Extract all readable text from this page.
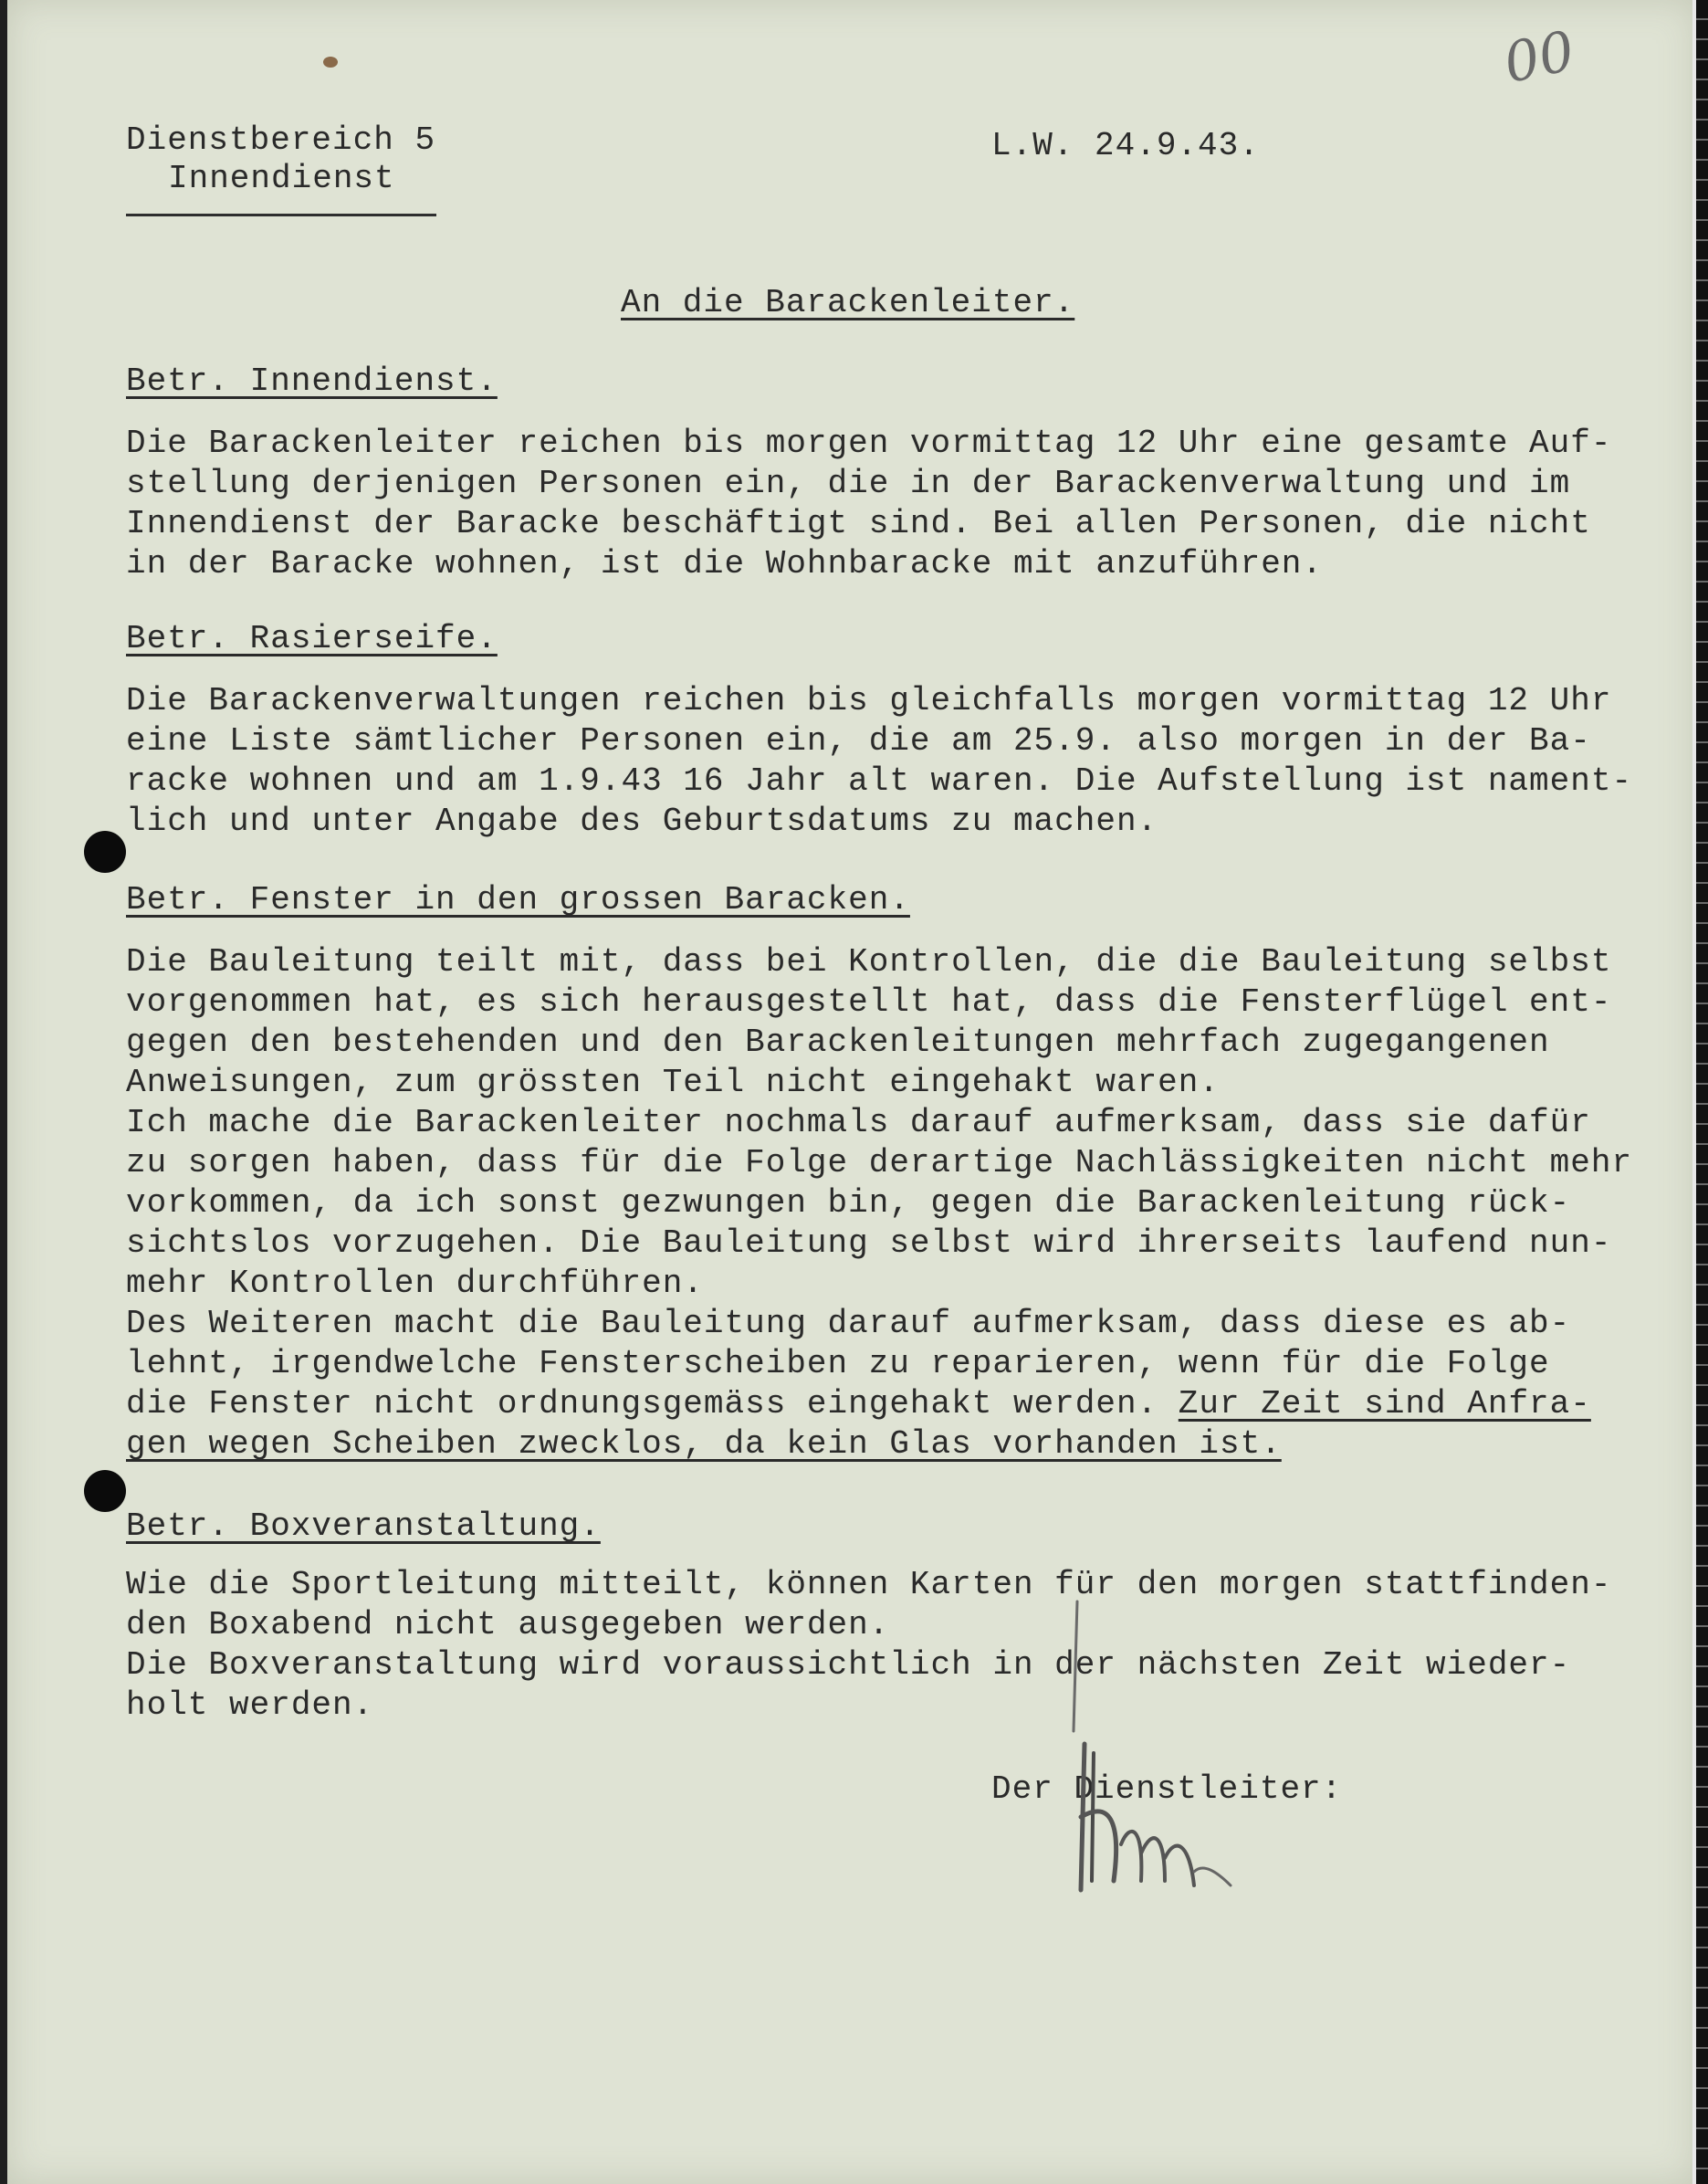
00
Dienstbereich 5
Innendienst
L.W. 24.9.43.
An die Barackenleiter.
Betr. Innendienst.
Die Barackenleiter reichen bis morgen vormittag 12 Uhr eine gesamte Auf-
stellung derjenigen Personen ein, die in der Barackenverwaltung und im
Innendienst der Baracke beschäftigt sind. Bei allen Personen, die nicht
in der Baracke wohnen, ist die Wohnbaracke mit anzuführen.
Betr. Rasierseife.
Die Barackenverwaltungen reichen bis gleichfalls morgen vormittag 12 Uhr
eine Liste sämtlicher Personen ein, die am 25.9. also morgen in der Ba-
racke wohnen und am 1.9.43 16 Jahr alt waren. Die Aufstellung ist nament-
lich und unter Angabe des Geburtsdatums zu machen.
Betr. Fenster in den grossen Baracken.
Die Bauleitung teilt mit, dass bei Kontrollen, die die Bauleitung selbst
vorgenommen hat, es sich herausgestellt hat, dass die Fensterflügel ent-
gegen den bestehenden und den Barackenleitungen mehrfach zugegangenen
Anweisungen, zum grössten Teil nicht eingehakt waren.
Ich mache die Barackenleiter nochmals darauf aufmerksam, dass sie dafür
zu sorgen haben, dass für die Folge derartige Nachlässigkeiten nicht mehr
vorkommen, da ich sonst gezwungen bin, gegen die Barackenleitung rück-
sichtslos vorzugehen. Die Bauleitung selbst wird ihrerseits laufend nun-
mehr Kontrollen durchführen.
Des Weiteren macht die Bauleitung darauf aufmerksam, dass diese es ab-
lehnt, irgendwelche Fensterscheiben zu reparieren, wenn für die Folge
die Fenster nicht ordnungsgemäss eingehakt werden. Zur Zeit sind Anfra-
gen wegen Scheiben zwecklos, da kein Glas vorhanden ist.
Betr. Boxveranstaltung.
Wie die Sportleitung mitteilt, können Karten für den morgen stattfinden-
den Boxabend nicht ausgegeben werden.
Die Boxveranstaltung wird voraussichtlich in der nächsten Zeit wieder-
holt werden.
Der Dienstleiter:
